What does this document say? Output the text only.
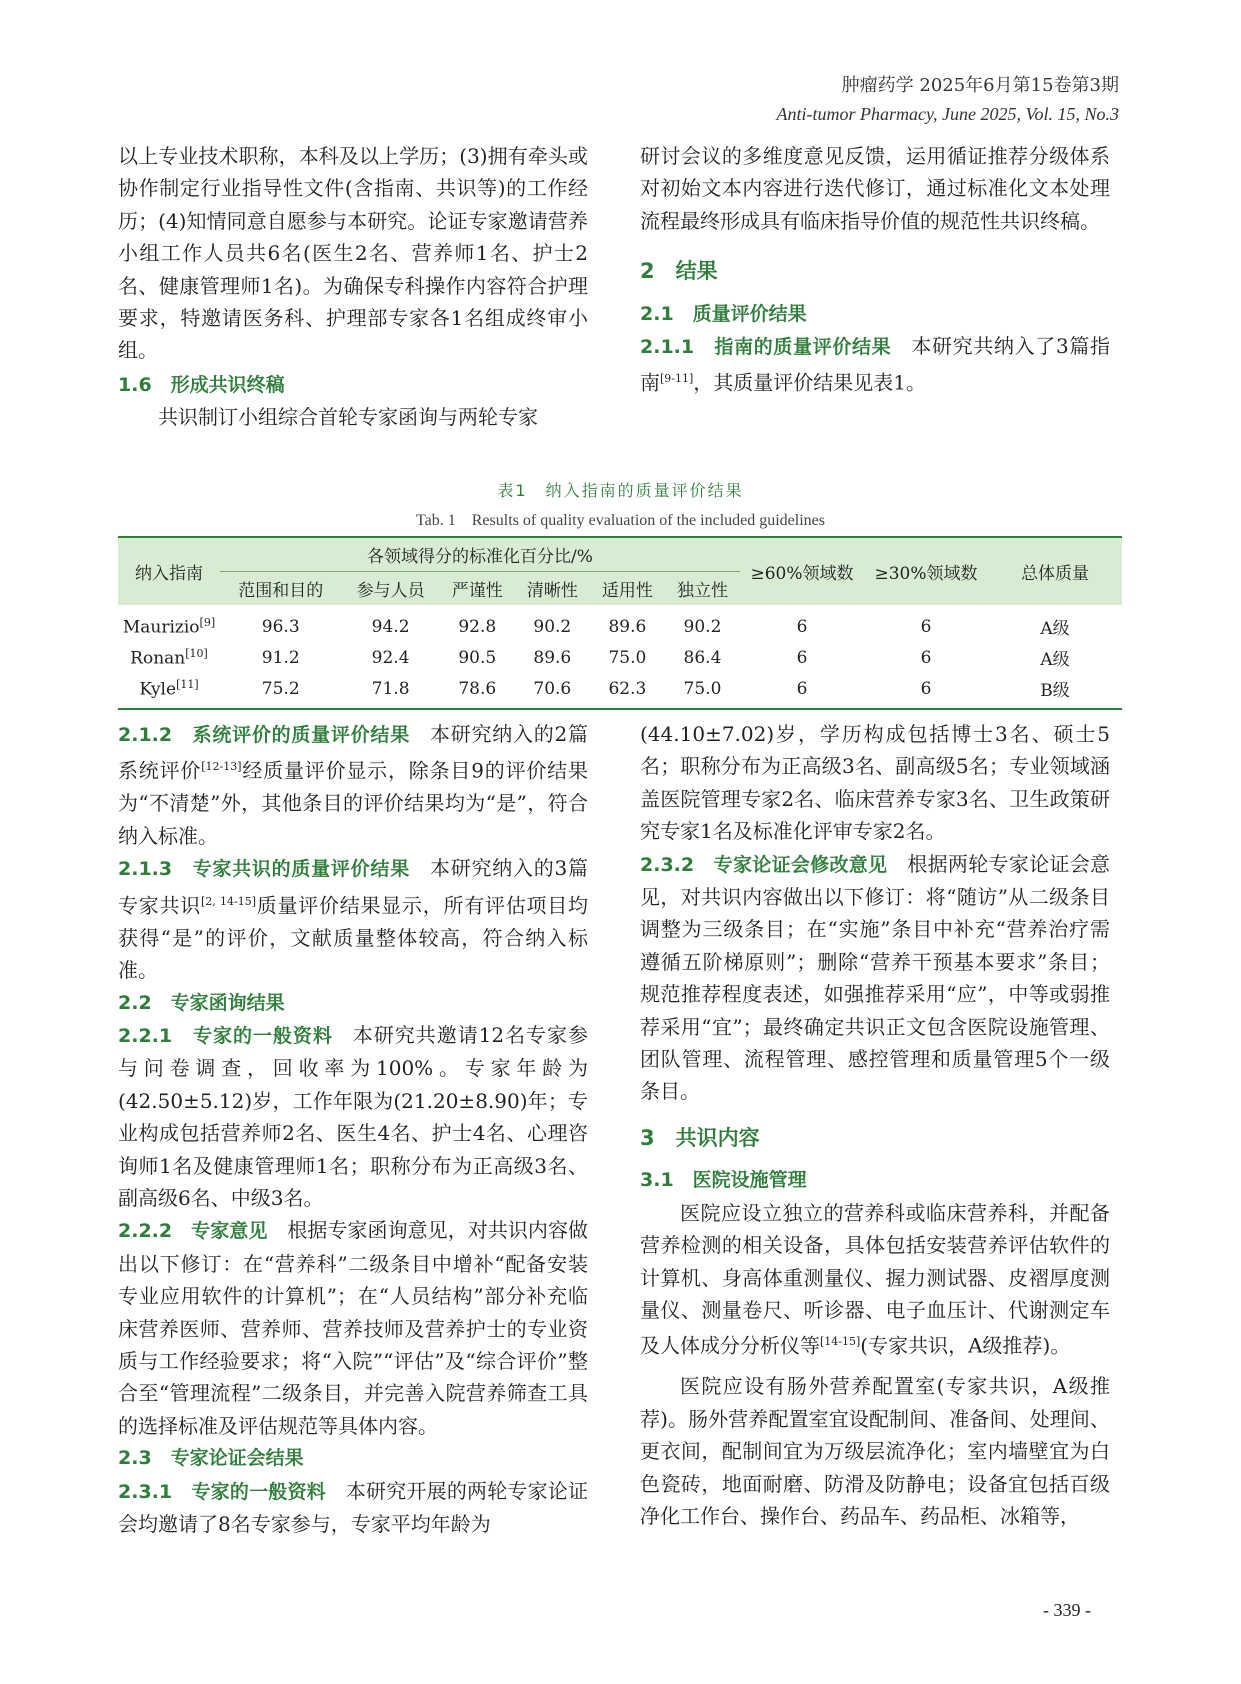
肿瘤药学 2025年6月第15卷第3期
Anti-tumor Pharmacy, June 2025, Vol. 15, No.3

以上专业技术职称，本科及以上学历；(3)拥有牵头或协作制定行业指导性文件(含指南、共识等)的工作经历；(4)知情同意自愿参与本研究。论证专家邀请营养小组工作人员共6名(医生2名、营养师1名、护士2名、健康管理师1名)。为确保专科操作内容符合护理要求，特邀请医务科、护理部专家各1名组成终审小组。

1.6　形成共识终稿

共识制订小组综合首轮专家函询与两轮专家

研讨会议的多维度意见反馈，运用循证推荐分级体系对初始文本内容进行迭代修订，通过标准化文本处理流程最终形成具有临床指导价值的规范性共识终稿。

2　结果

2.1　质量评价结果

2.1.1　指南的质量评价结果 本研究共纳入了3篇指南[9-11]，其质量评价结果见表1。

表1　纳入指南的质量评价结果
Tab. 1　Results of quality evaluation of the included guidelines
纳入指南	各领域得分的标准化百分比/%						≥60%领域数	≥30%领域数	总体质量
	范围和目的	参与人员	严谨性	清晰性	适用性	独立性			
Maurizio[9]	96.3	94.2	92.8	90.2	89.6	90.2	6	6	A级
Ronan[10]	91.2	92.4	90.5	89.6	75.0	86.4	6	6	A级
Kyle[11]	75.2	71.8	78.6	70.6	62.3	75.0	6	6	B级

2.1.2　系统评价的质量评价结果 本研究纳入的2篇系统评价[12-13]经质量评价显示，除条目9的评价结果为“不清楚”外，其他条目的评价结果均为“是”，符合纳入标准。

2.1.3　专家共识的质量评价结果 本研究纳入的3篇专家共识[2, 14-15]质量评价结果显示，所有评估项目均获得“是”的评价，文献质量整体较高，符合纳入标准。

2.2　专家函询结果

2.2.1　专家的一般资料 本研究共邀请12名专家参与问卷调查，回收率为100%。专家年龄为(42.50±5.12)岁，工作年限为(21.20±8.90)年；专业构成包括营养师2名、医生4名、护士4名、心理咨询师1名及健康管理师1名；职称分布为正高级3名、副高级6名、中级3名。

2.2.2　专家意见 根据专家函询意见，对共识内容做出以下修订：在“营养科”二级条目中增补“配备安装专业应用软件的计算机”；在“人员结构”部分补充临床营养医师、营养师、营养技师及营养护士的专业资质与工作经验要求；将“入院”“评估”及“综合评价”整合至“管理流程”二级条目，并完善入院营养筛查工具的选择标准及评估规范等具体内容。

2.3　专家论证会结果

2.3.1　专家的一般资料 本研究开展的两轮专家论证会均邀请了8名专家参与，专家平均年龄为

(44.10±7.02)岁，学历构成包括博士3名、硕士5名；职称分布为正高级3名、副高级5名；专业领域涵盖医院管理专家2名、临床营养专家3名、卫生政策研究专家1名及标准化评审专家2名。

2.3.2　专家论证会修改意见 根据两轮专家论证会意见，对共识内容做出以下修订：将“随访”从二级条目调整为三级条目；在“实施”条目中补充“营养治疗需遵循五阶梯原则”；删除“营养干预基本要求”条目；规范推荐程度表述，如强推荐采用“应”，中等或弱推荐采用“宜”；最终确定共识正文包含医院设施管理、团队管理、流程管理、感控管理和质量管理5个一级条目。

3　共识内容

3.1　医院设施管理

医院应设立独立的营养科或临床营养科，并配备营养检测的相关设备，具体包括安装营养评估软件的计算机、身高体重测量仪、握力测试器、皮褶厚度测量仪、测量卷尺、听诊器、电子血压计、代谢测定车及人体成分分析仪等[14-15](专家共识，A级推荐)。

医院应设有肠外营养配置室(专家共识，A级推荐)。肠外营养配置室宜设配制间、准备间、处理间、更衣间，配制间宜为万级层流净化；室内墙壁宜为白色瓷砖，地面耐磨、防滑及防静电；设备宜包括百级净化工作台、操作台、药品车、药品柜、冰箱等，

- 339 -
